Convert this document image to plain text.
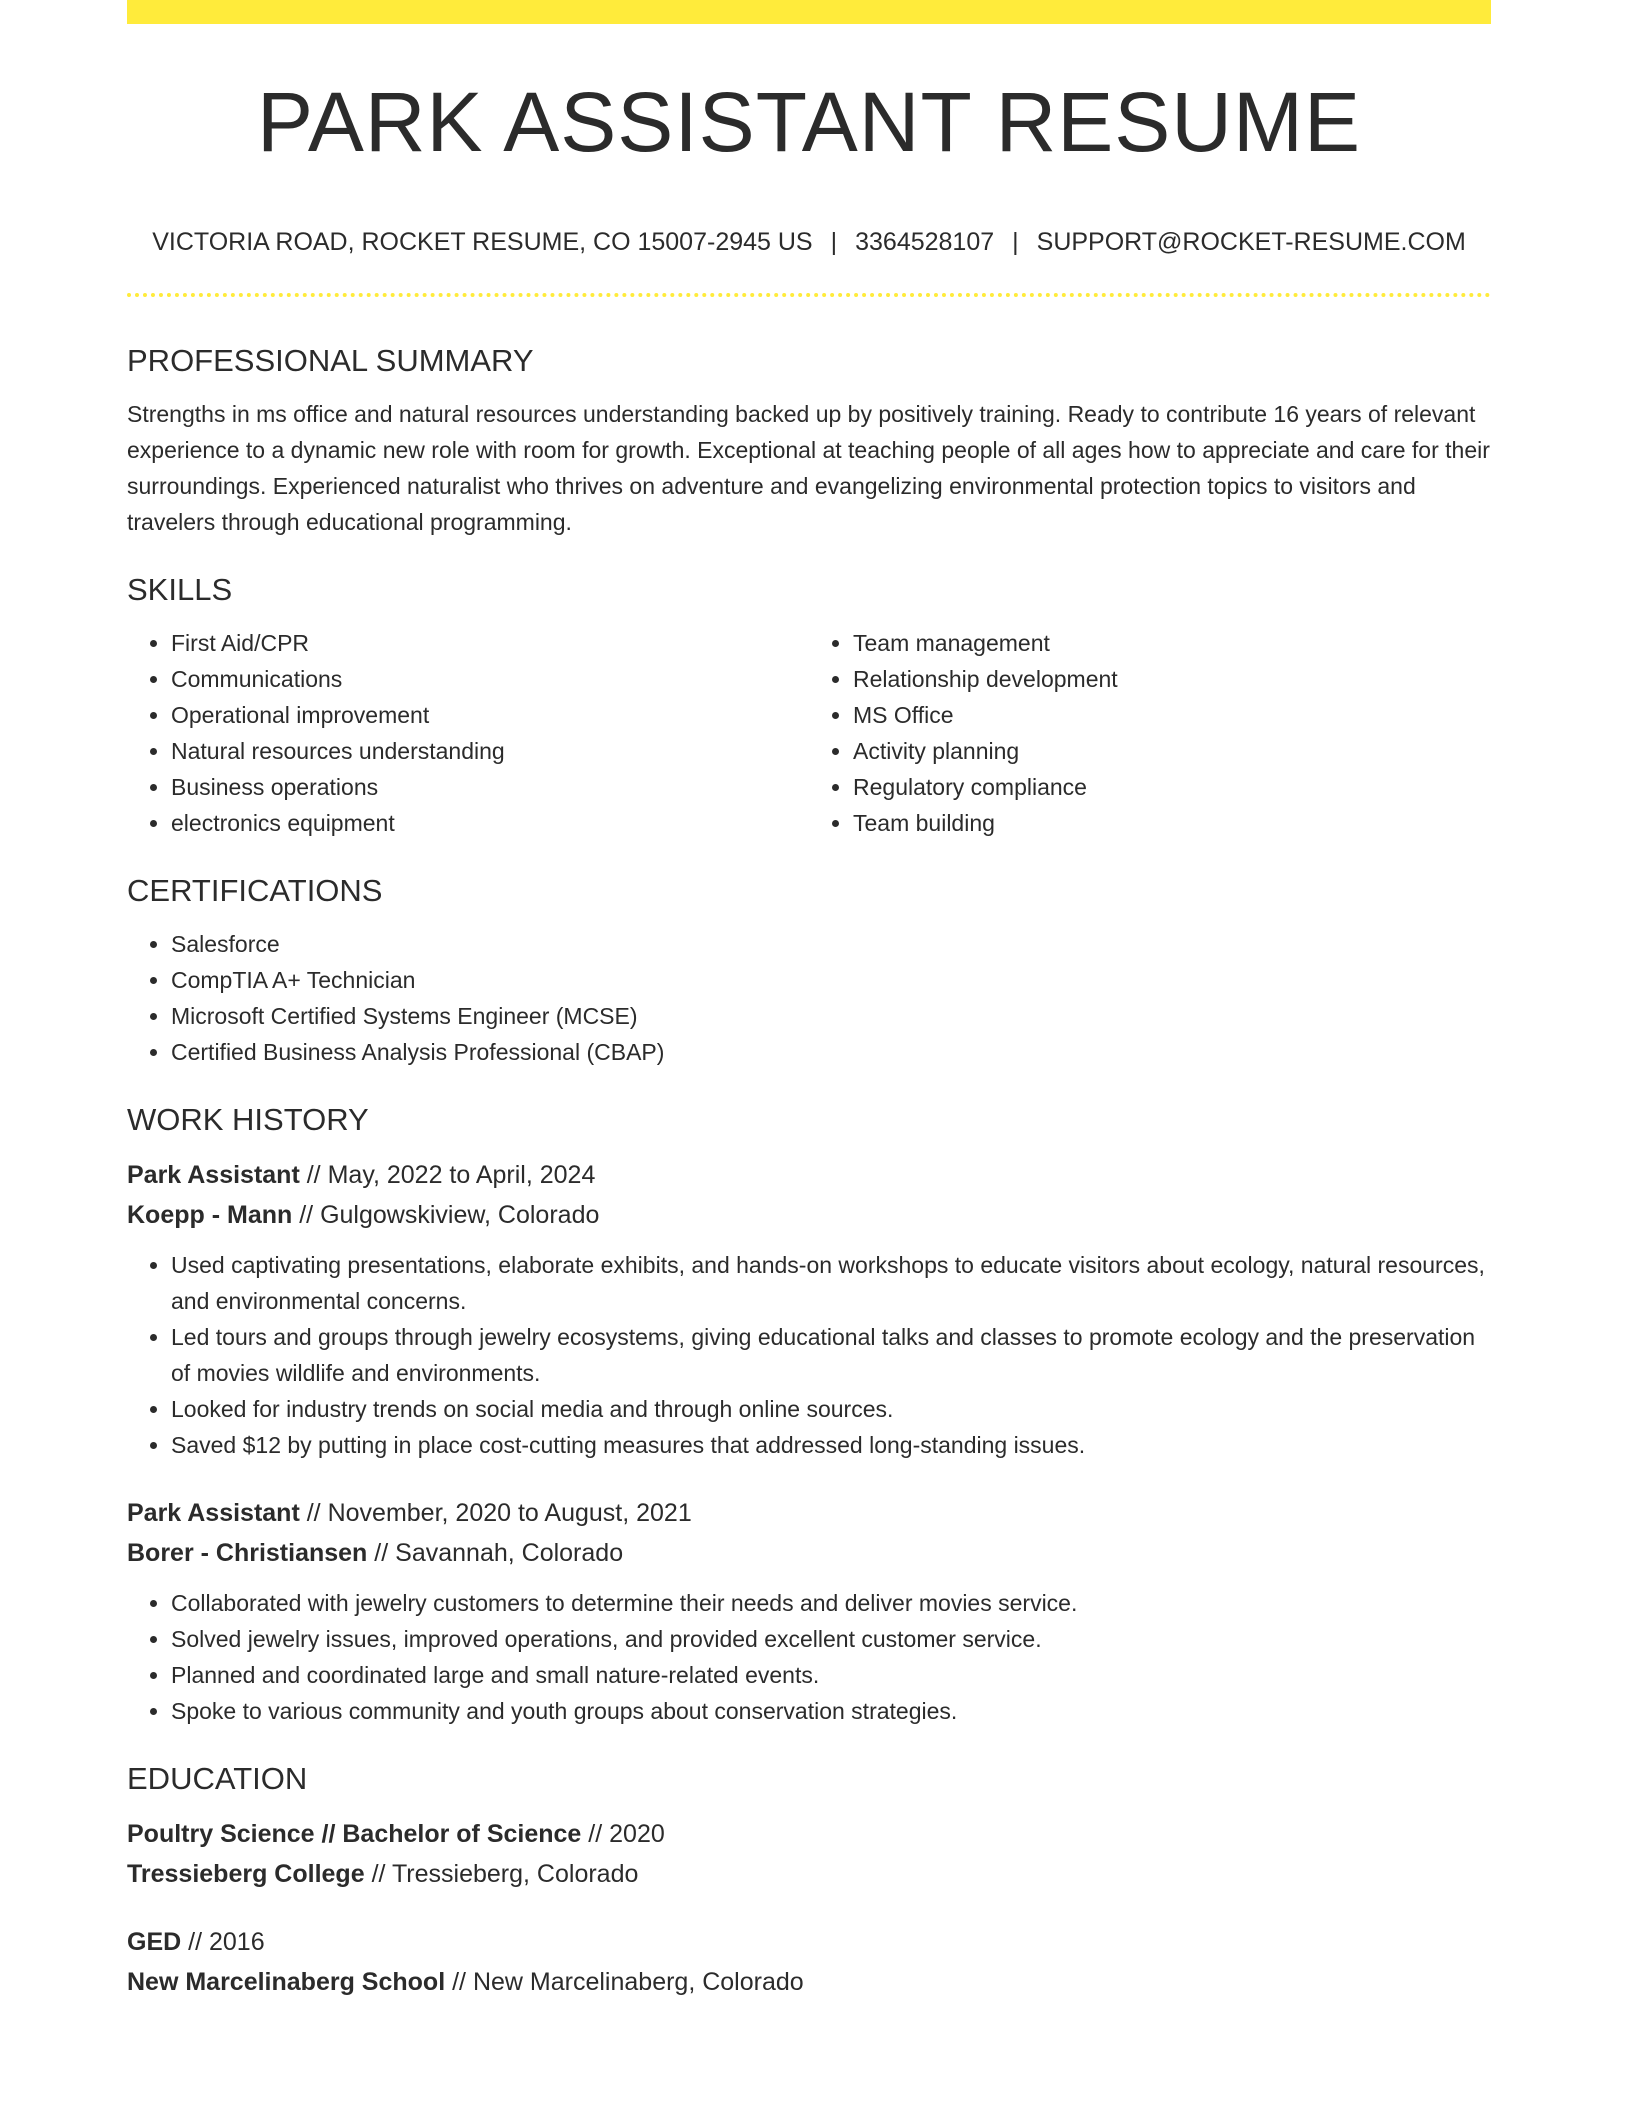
PARK ASSISTANT RESUME
VICTORIA ROAD, ROCKET RESUME, CO 15007-2945 US | 3364528107 | SUPPORT@ROCKET-RESUME.COM
PROFESSIONAL SUMMARY

Strengths in ms office and natural resources understanding backed up by positively training. Ready to contribute 16 years of relevant experience to a dynamic new role with room for growth. Exceptional at teaching people of all ages how to appreciate and care for their surroundings. Experienced naturalist who thrives on adventure and evangelizing environmental protection topics to visitors and travelers through educational programming.

SKILLS
• First Aid/CPR
• Communications
• Operational improvement
• Natural resources understanding
• Business operations
• electronics equipment
• Team management
• Relationship development
• MS Office
• Activity planning
• Regulatory compliance
• Team building
CERTIFICATIONS
• Salesforce
• CompTIA A+ Technician
• Microsoft Certified Systems Engineer (MCSE)
• Certified Business Analysis Professional (CBAP)
WORK HISTORY

Park Assistant // May, 2022 to April, 2024

Koepp - Mann // Gulgowskiview, Colorado

• Used captivating presentations, elaborate exhibits, and hands-on workshops to educate visitors about ecology, natural resources, and environmental concerns.
• Led tours and groups through jewelry ecosystems, giving educational talks and classes to promote ecology and the preservation of movies wildlife and environments.
• Looked for industry trends on social media and through online sources.
• Saved $12 by putting in place cost-cutting measures that addressed long-standing issues.

Park Assistant // November, 2020 to August, 2021

Borer - Christiansen // Savannah, Colorado

• Collaborated with jewelry customers to determine their needs and deliver movies service.
• Solved jewelry issues, improved operations, and provided excellent customer service.
• Planned and coordinated large and small nature-related events.
• Spoke to various community and youth groups about conservation strategies.
EDUCATION

Poultry Science // Bachelor of Science // 2020

Tressieberg College // Tressieberg, Colorado

GED // 2016

New Marcelinaberg School // New Marcelinaberg, Colorado
